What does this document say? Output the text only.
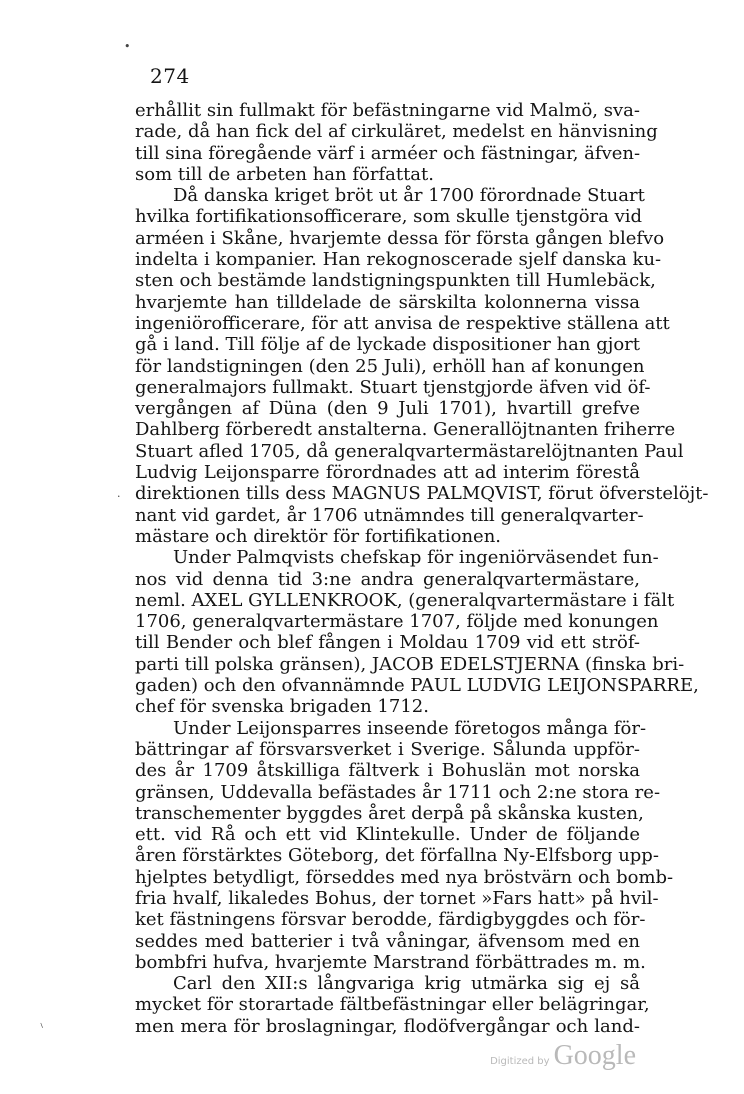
•
·
⸌
274
erhållit sin fullmakt för befästningarne vid Malmö, sva-
rade, då han fick del af cirkuläret, medelst en hänvisning
till sina föregående värf i arméer och fästningar, äfven-
som till de arbeten han författat.
Då danska kriget bröt ut år 1700 förordnade Stuart
hvilka fortifikationsofficerare, som skulle tjenstgöra vid
arméen i Skåne, hvarjemte dessa för första gången blefvo
indelta i kompanier. Han rekognoscerade sjelf danska ku-
sten och bestämde landstigningspunkten till Humlebäck,
hvarjemte han tilldelade de särskilta kolonnerna vissa
ingeniörofficerare, för att anvisa de respektive ställena att
gå i land. Till följe af de lyckade dispositioner han gjort
för landstigningen (den 25 Juli), erhöll han af konungen
generalmajors fullmakt. Stuart tjenstgjorde äfven vid öf-
vergången af Düna (den 9 Juli 1701), hvartill grefve
Dahlberg förberedt anstalterna. Generallöjtnanten friherre
Stuart afled 1705, då generalqvartermästarelöjtnanten Paul
Ludvig Leijonsparre förordnades att ad interim förestå
direktionen tills dess MAGNUS PALMQVIST, förut öfverstelöjt-
nant vid gardet, år 1706 utnämndes till generalqvarter-
mästare och direktör för fortifikationen.
Under Palmqvists chefskap för ingeniörväsendet fun-
nos vid denna tid 3:ne andra generalqvartermästare,
neml. AXEL GYLLENKROOK, (generalqvartermästare i fält
1706, generalqvartermästare 1707, följde med konungen
till Bender och blef fången i Moldau 1709 vid ett ströf-
parti till polska gränsen), JACOB EDELSTJERNA (finska bri-
gaden) och den ofvannämnde PAUL LUDVIG LEIJONSPARRE,
chef för svenska brigaden 1712.
Under Leijonsparres inseende företogos många för-
bättringar af försvarsverket i Sverige. Sålunda uppför-
des år 1709 åtskilliga fältverk i Bohuslän mot norska
gränsen, Uddevalla befästades år 1711 och 2:ne stora re-
transchementer byggdes året derpå på skånska kusten,
ett. vid Rå och ett vid Klintekulle. Under de följande
åren förstärktes Göteborg, det förfallna Ny-Elfsborg upp-
hjelptes betydligt, förseddes med nya bröstvärn och bomb-
fria hvalf, likaledes Bohus, der tornet »Fars hatt» på hvil-
ket fästningens försvar berodde, färdigbyggdes och för-
seddes med batterier i två våningar, äfvensom med en
bombfri hufva, hvarjemte Marstrand förbättrades m. m.
Carl den XII:s långvariga krig utmärka sig ej så
mycket för storartade fältbefästningar eller belägringar,
men mera för broslagningar, flodöfvergångar och land-
Digitized by Google
